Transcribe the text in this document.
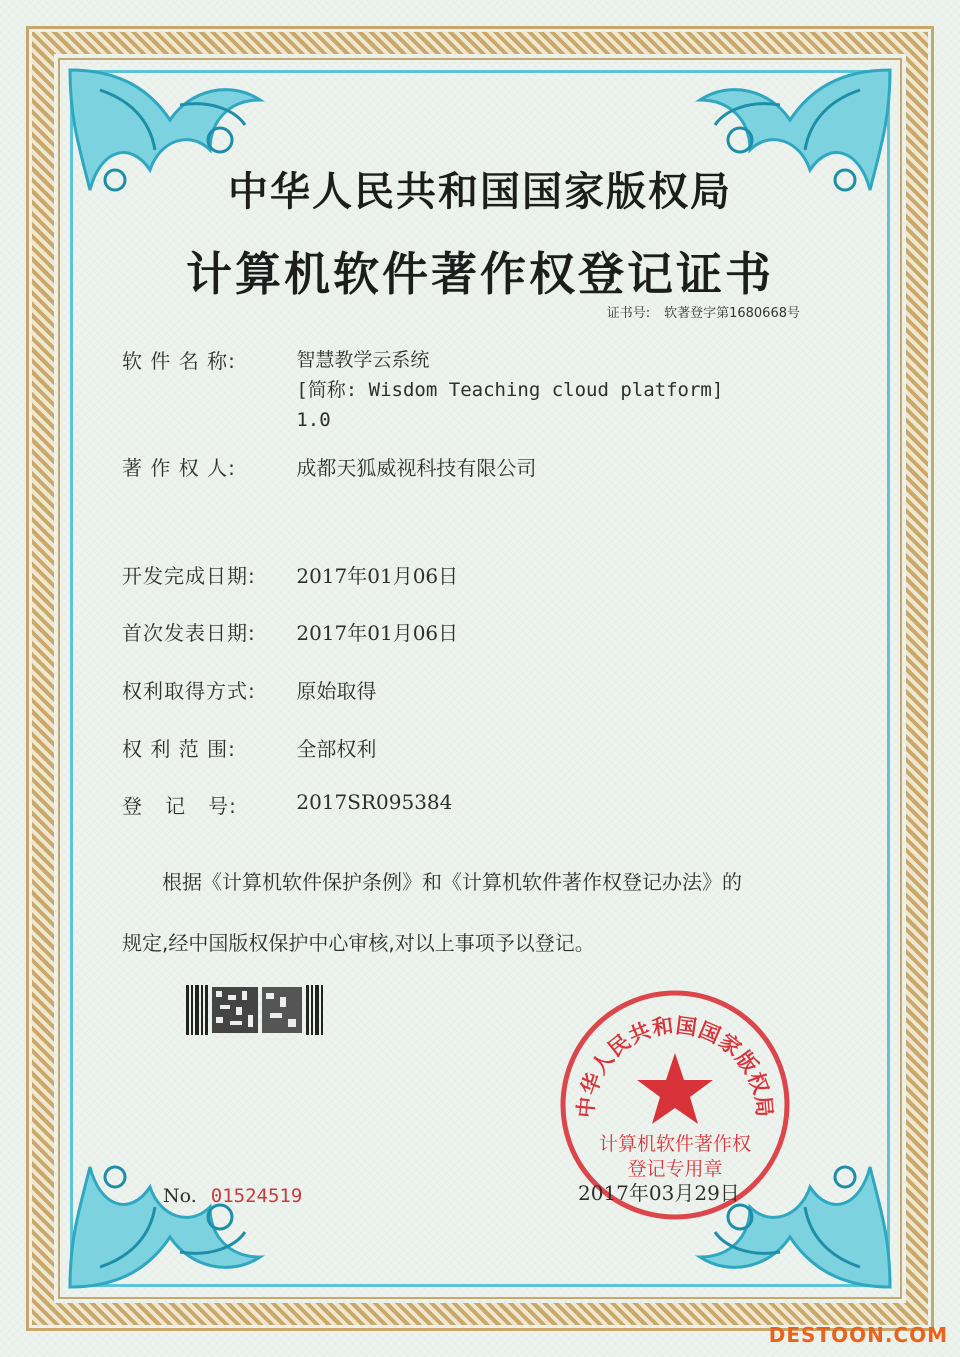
中华人民共和国国家版权局
计算机软件著作权登记证书
证书号: 软著登字第1680668号
软 件 名 称:	智慧教学云系统
[简称: Wisdom Teaching cloud platform]
1.0
著 作 权 人:	成都天狐威视科技有限公司
开发完成日期: 2017年01月06日
首次发表日期: 2017年01月06日
权利取得方式: 原始取得
权 利 范 围:	全部权利
登   记   号:	2017SR095384
根据《计算机软件保护条例》和《计算机软件著作权登记办法》的
规定,经中国版权保护中心审核,对以上事项予以登记。
中华人民共和国国家版权局
计算机软件著作权
登记专用章
2017年03月29日
No. 01524519
DESTOON.COM
